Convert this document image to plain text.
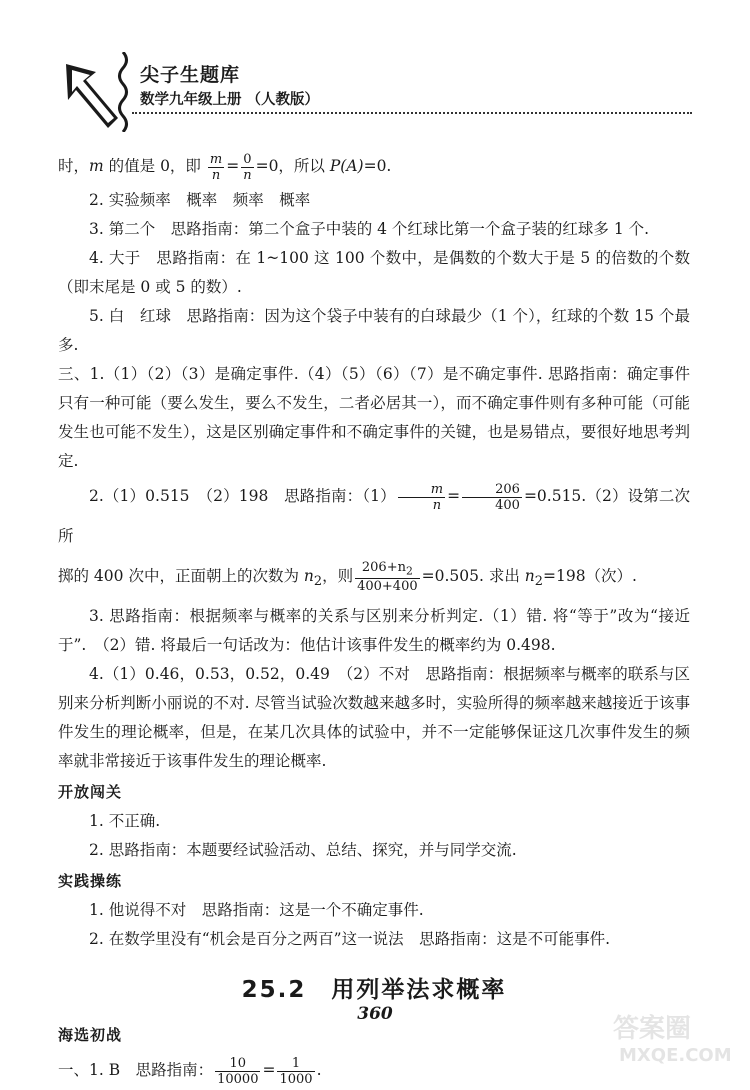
尖子生题库
数学九年级上册 （人教版）

时，m 的值是 0，即 $\frac{m}{n} = \frac{0}{n} =0$，所以 P(A)=0.

2. 实验频率　概率　频率　概率

3. 第二个　思路指南：第二个盒子中装的 4 个红球比第一个盒子装的红球多 1 个.

4. 大于　思路指南：在 1~100 这 100 个数中，是偶数的个数大于是 5 的倍数的个数（即末尾是 0 或 5 的数）.

5. 白　红球　思路指南：因为这个袋子中装有的白球最少（1 个），红球的个数 15 个最多.

三、1.（1）（2）（3）是确定事件.（4）（5）（6）（7）是不确定事件. 思路指南：确定事件只有一种可能（要么发生，要么不发生，二者必居其一），而不确定事件则有多种可能（可能发生也可能不发生），这是区别确定事件和不确定事件的关键，也是易错点，要很好地思考判定.

2.（1）0.515　（2）198　思路指南：$(1) \frac{m}{n} = \frac{206}{400} =0.515.(2)$设第二次所

掷的 400 次中，正面朝上的次数为 $n_2$，则 $\frac{206+n_2}{400+400} =0.505$. 求出 $n_2=198$（次）.

3. 思路指南：根据频率与概率的关系与区别来分析判定.（1）错. 将“等于”改为“接近于”.　（2）错. 将最后一句话改为：他估计该事件发生的概率约为 0.498.

4.（1）0.46，0.53，0.52，0.49　（2）不对　思路指南：根据频率与概率的联系与区别来分析判断小丽说的不对. 尽管当试验次数越来越多时，实验所得的频率越来越接近于该事件发生的理论概率，但是，在某几次具体的试验中，并不一定能够保证这几次事件发生的频率就非常接近于该事件发生的理论概率.

开放闯关

1. 不正确.

2. 思路指南：本题要经试验活动、总结、探究，并与同学交流.

实践操练

1. 他说得不对　思路指南：这是一个不确定事件.

2. 在数学里没有“机会是百分之两百”这一说法　思路指南：这是不可能事件.

25.2　用列举法求概率

海选初战

一、1. B　思路指南： $\frac{10}{10000} = \frac{1}{1000}$ .

360	答案圈
MXQE.COM
